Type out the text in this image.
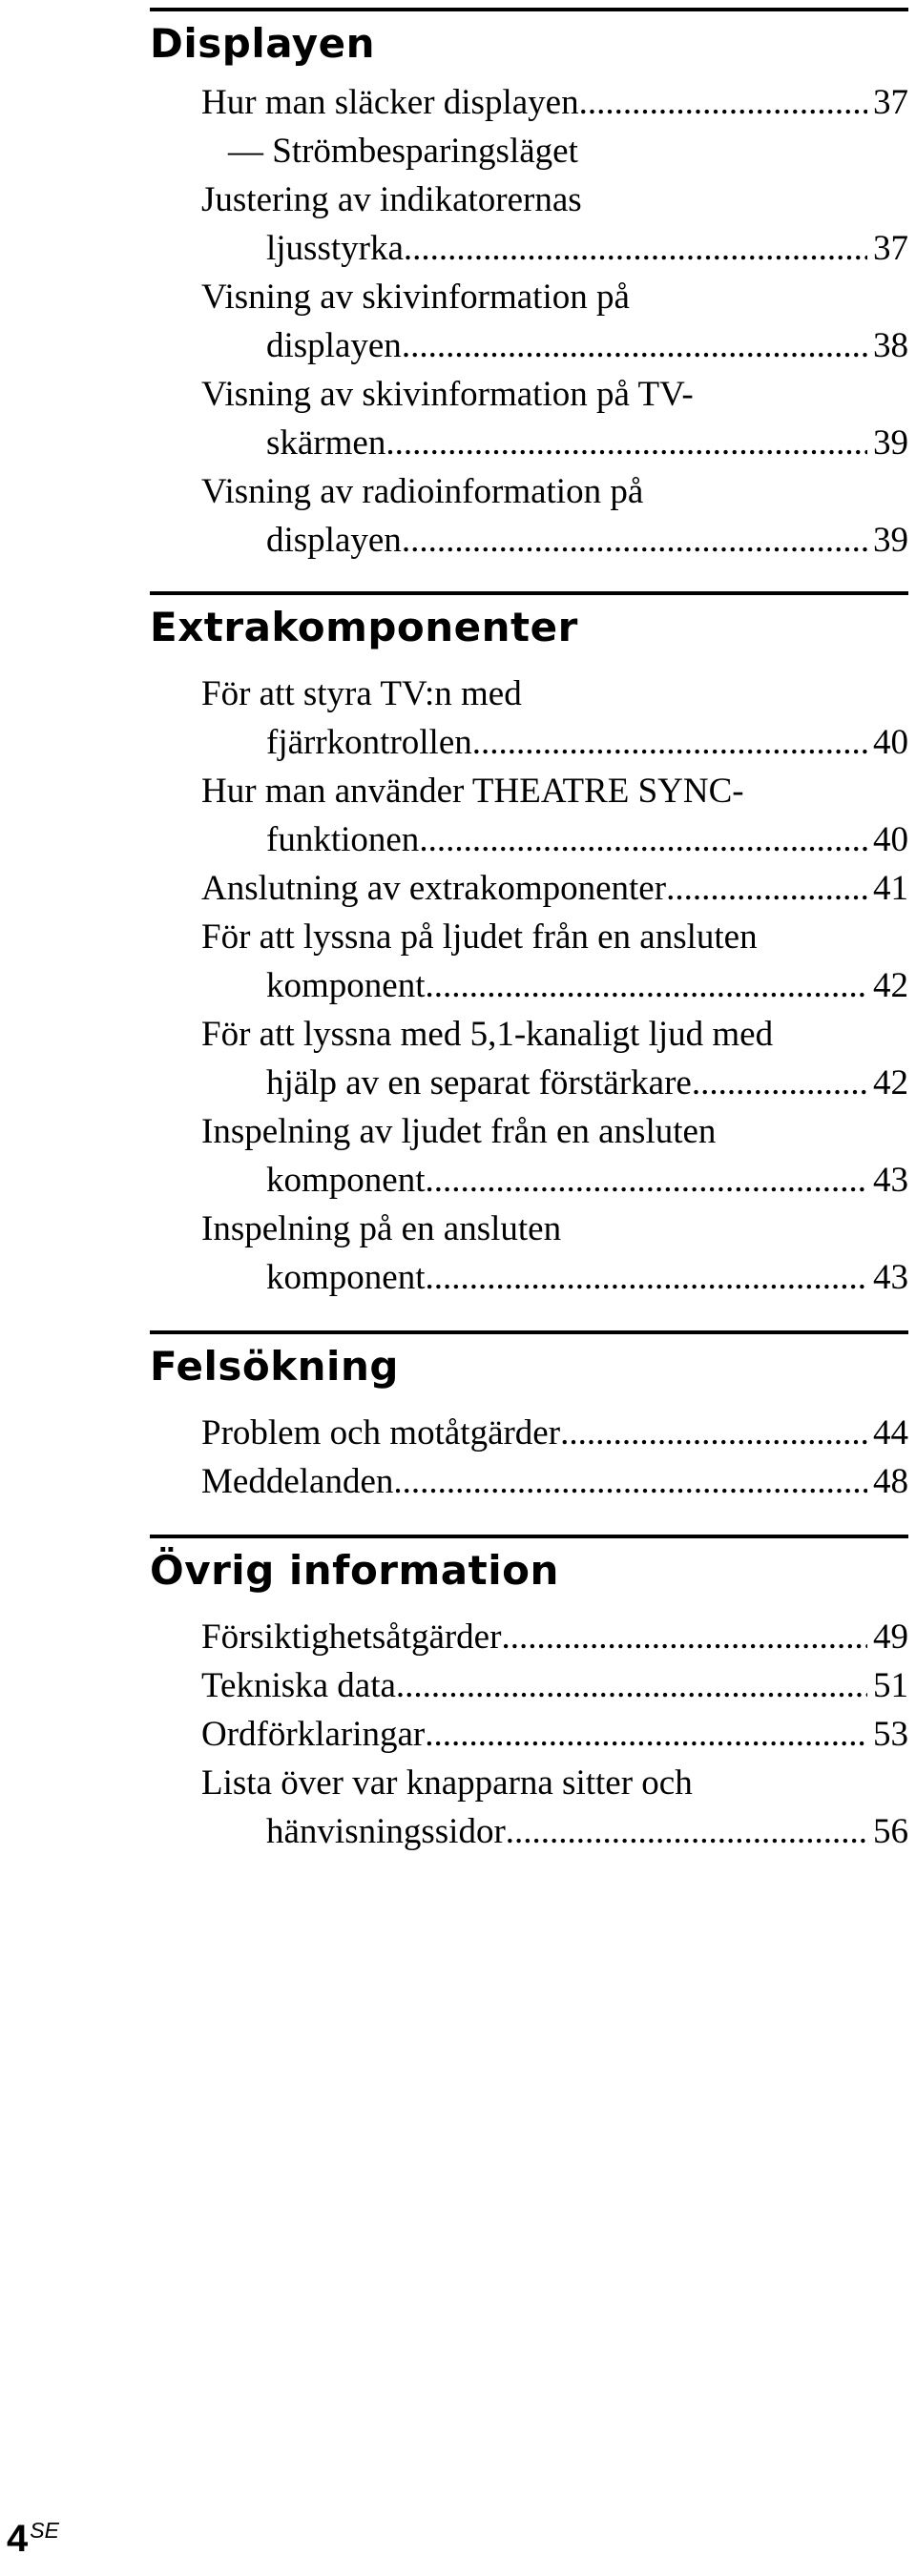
Displayen
Hur man släcker displayen .....	37
— Strömbesparingsläget
Justering av indikatorernas
ljusstyrka .....	37
Visning av skivinformation på
displayen .....	38
Visning av skivinformation på TV-
skärmen .....	39
Visning av radioinformation på
displayen .....	39
Extrakomponenter
För att styra TV:n med
fjärrkontrollen .....	40
Hur man använder THEATRE SYNC-
funktionen .....	40
Anslutning av extrakomponenter .....	41
För att lyssna på ljudet från en ansluten
komponent .....	42
För att lyssna med 5,1-kanaligt ljud med
hjälp av en separat förstärkare .....	42
Inspelning av ljudet från en ansluten
komponent .....	43
Inspelning på en ansluten
komponent .....	43
Felsökning
Problem och motåtgärder .....	44
Meddelanden .....	48
Övrig information
Försiktighetsåtgärder .....	49
Tekniska data .....	51
Ordförklaringar .....	53
Lista över var knapparna sitter och
hänvisningssidor .....	56
4 SE
